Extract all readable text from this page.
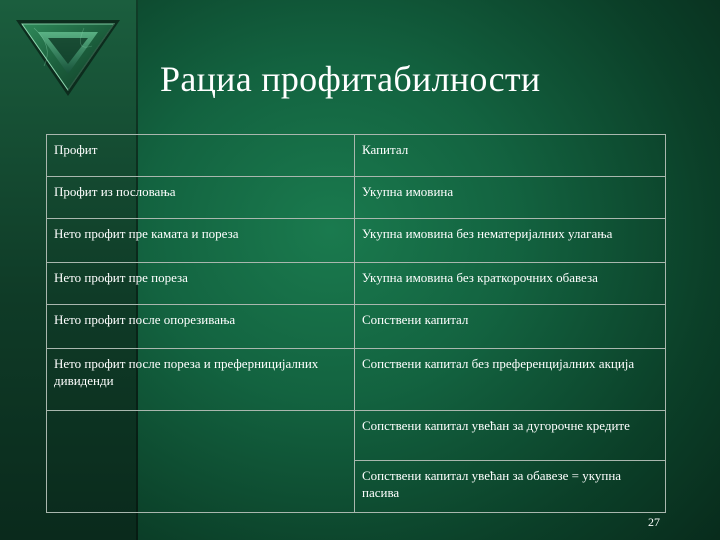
Рациа профитабилности
Профит	Капитал
Профит из пословања	Укупна имовина
Нето профит пре камата и пореза	Укупна имовина без нематеријалних улагања
Нето профит пре пореза	Укупна имовина без краткорочних обавеза
Нето профит после опорезивања	Сопствени капитал
Нето профит после пореза и преферницијалних дивиденди	Сопствени капитал без преференцијалних акција
	Сопствени капитал увећан за дугорочне кредите
	Сопствени капитал увећан за обавезе = укупна пасива
27
